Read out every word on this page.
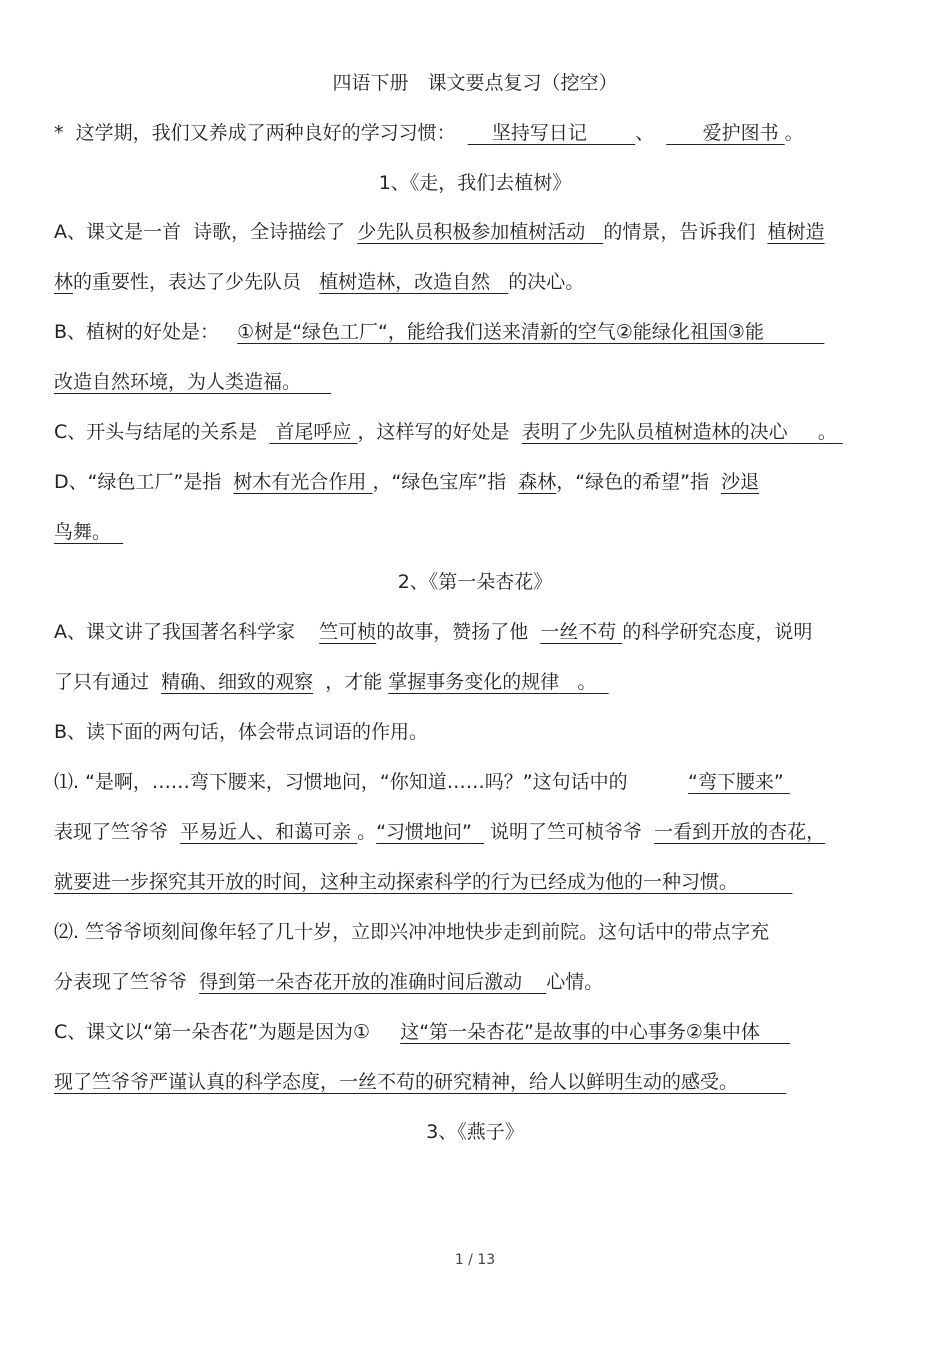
四语下册　课文要点复习（挖空）
* 这学期，我们又养成了两种良好的学习习惯： 坚持写日记	、	爱护图书 。
1、《走，我们去植树》
A、课文是一首 诗歌，全诗描绘了 少先队员积极参加植树活动 的情景，告诉我们 植树造
林的重要性，表达了少先队员 植树造林，改造自然 的决心。
B、植树的好处是： ①树是“绿色工厂“，能给我们送来清新的空气②能绿化祖国③能
改造自然环境，为人类造福。
C、开头与结尾的关系是 首尾呼应 ，这样写的好处是 表明了少先队员植树造林的决心 。
D、“绿色工厂”是指 树木有光合作用 ，“绿色宝库”指 森林，“绿色的希望”指 沙退
鸟舞。
2、《第一朵杏花》
A、课文讲了我国著名科学家 竺可桢的故事，赞扬了他 一丝不苟 的科学研究态度，说明
了只有通过 精确、细致的观察 ，才能 掌握事务变化的规律 。
B、读下面的两句话，体会带点词语的作用。
⑴. “是啊，……弯下腰来，习惯地问，“你知道……吗？”这句话中的	“弯下腰来”
表现了竺爷爷 平易近人、和蔼可亲 。“习惯地问” 说明了竺可桢爷爷 一看到开放的杏花，
就要进一步探究其开放的时间，这种主动探索科学的行为已经成为他的一种习惯。
⑵. 竺爷爷顷刻间像年轻了几十岁，立即兴冲冲地快步走到前院。这句话中的带点字充
分表现了竺爷爷 得到第一朵杏花开放的准确时间后激动 心情。
C、课文以“第一朵杏花”为题是因为① 这“第一朵杏花”是故事的中心事务②集中体
现了竺爷爷严谨认真的科学态度，一丝不苟的研究精神，给人以鲜明生动的感受。
3、《燕子》
1 / 13
